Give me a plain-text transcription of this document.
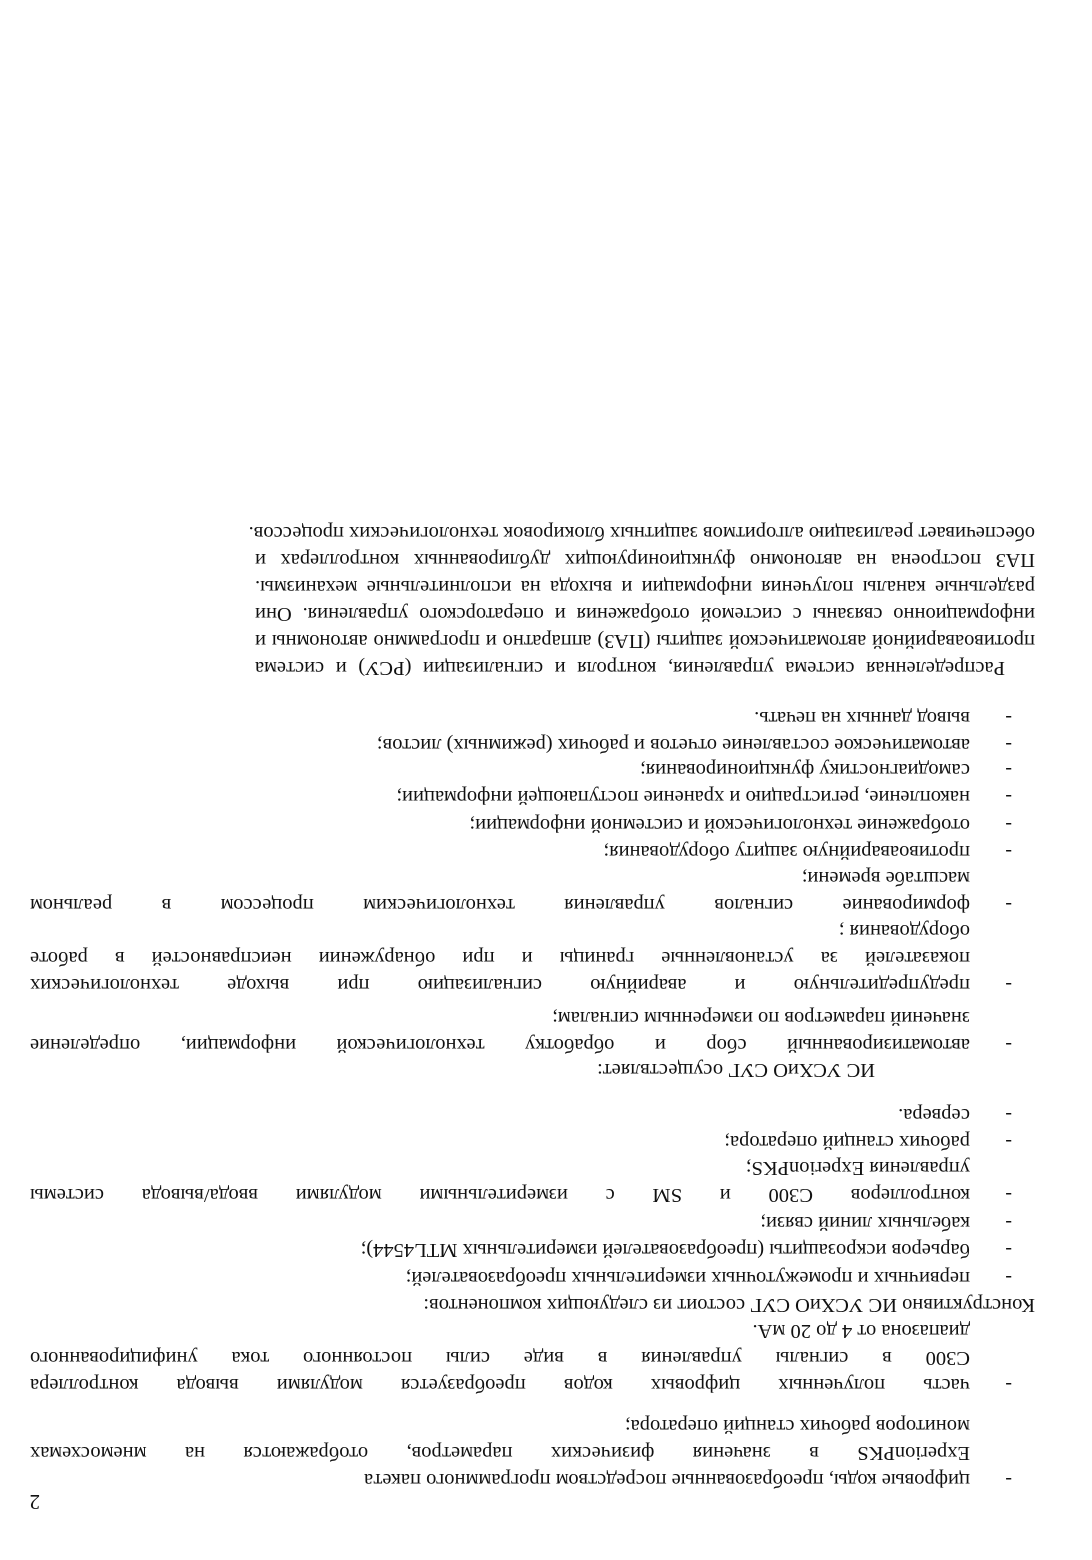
2
-
цифровые коды, преобразованные посредством программного пакета
ExperionPKS в значения физических параметров, отображаются на мнемосхемах
мониторов рабочих станций оператора;
-
часть полученных цифровых кодов преобразуется модулями вывода контроллера
C300 в сигналы управления в виде силы постоянного тока унифицированного
диапазона от 4 до 20 мА.
Конструктивно ИС УСХиО СУГ состоит из следующих компонентов:
-
первичных и промежуточных измерительных преобразователей;
-
барьеров искрозащиты (преобразователей измерительных MTL4544);
-
кабельных линий связи;
-
контроллеров C300 и SM с измерительными модулями ввода/вывода системы
управления ExperionPKS;
-
рабочих станций оператора;
-
сервера.
ИС УСХиО СУГ осуществляет:
-
автоматизированный сбор и обработку технологической информации, определение
значений параметров по измеренным сигналам;
-
предупредительную и аварийную сигнализацию при выходе технологических
показателей за установленные границы и при обнаружении неисправностей в работе
оборудования ;
-
формирование сигналов управления технологическим процессом в реальном
масштабе времени;
-
противоаварийную защиту оборудования;
-
отображение технологической и системной информации;
-
накопление, регистрацию и хранение поступающей информации;
-
самодиагностику функционирования;
-
автоматическое составление отчетов и рабочих (режимных) листов;
-
вывод данных на печать.
Распределенная система управления, контроля и сигнализации (РСУ) и система
противоаварийной автоматической защиты (ПАЗ) аппаратно и программно автономны и
информационно связаны с системой отображения и операторского управления. Они
раздельные каналы получения информации и выхода на исполнительные механизмы.
ПАЗ построена на автономно функционирующих дублированных контроллерах и
обеспечивает реализацию алгоритмов защитных блокировок технологических процессов.
